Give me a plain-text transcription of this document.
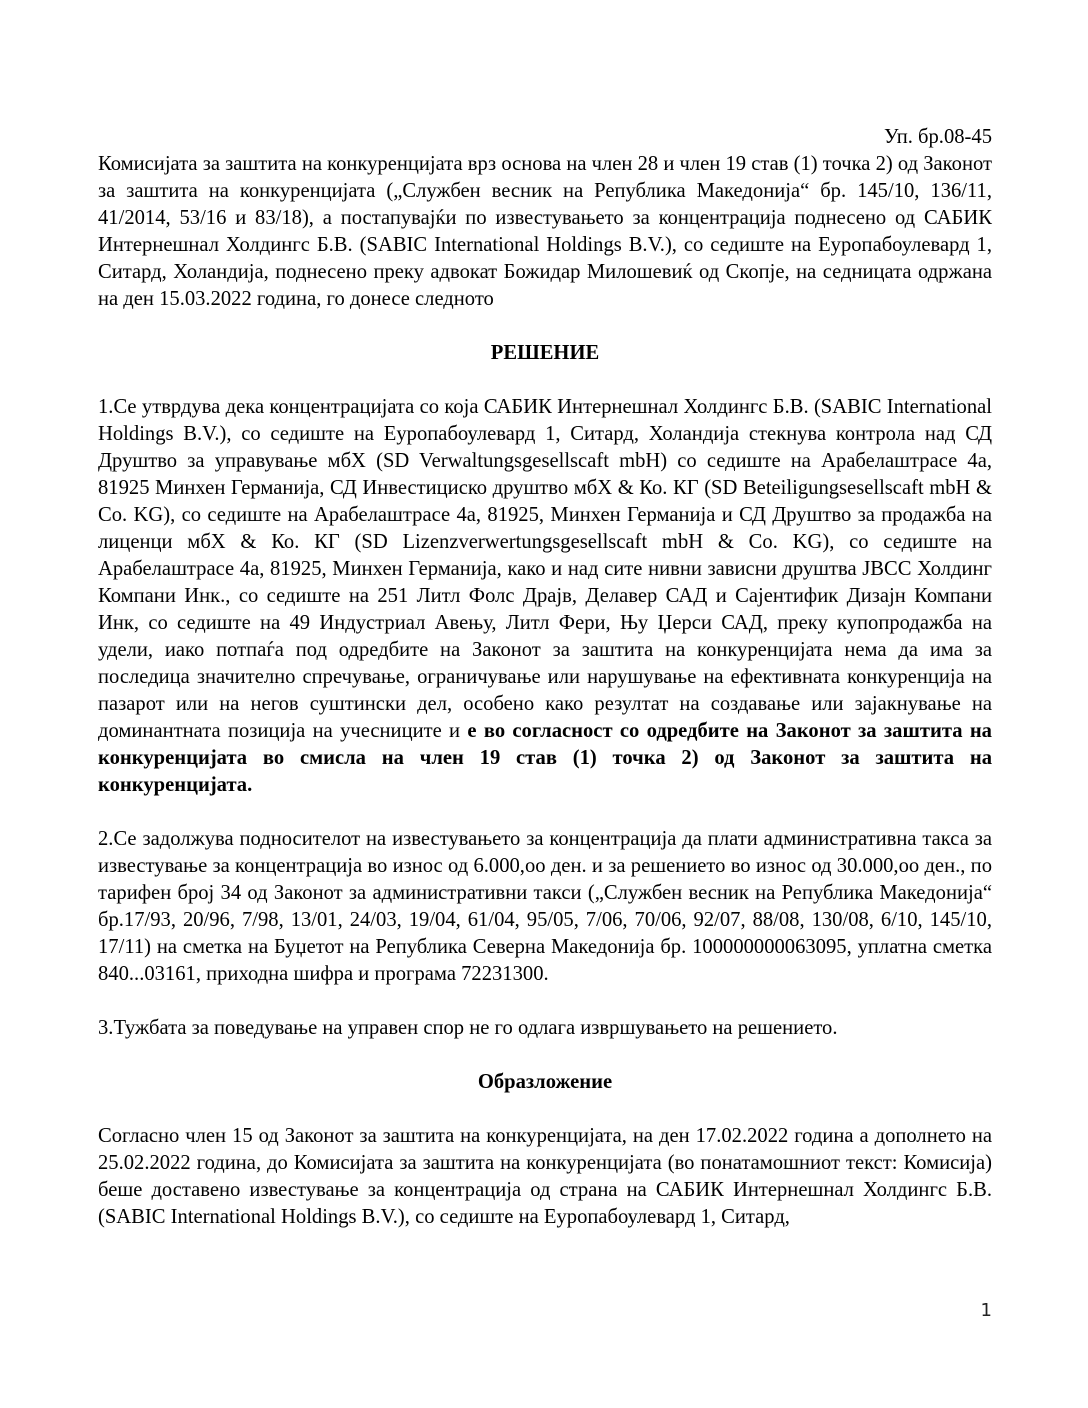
Уп. бр.08-45

Комисијата за заштита на конкуренцијата врз основа на член 28 и член 19 став (1) точка 2) од Законот за заштита на конкуренцијата („Службен весник на Република Македонија“ бр. 145/10, 136/11, 41/2014, 53/16 и 83/18), а постапувајќи по известувањето за концентрација поднесено од САБИК Интернешнал Холдингс Б.В. (SABIC International Holdings B.V.), со седиште на Еуропабоулевард 1, Ситард, Холандија, поднесено преку адвокат Божидар Милошевиќ од Скопје, на седницата одржана на ден 15.03.2022 година, го донесе следното

РЕШЕНИЕ

1.Се утврдува дека концентрацијата со која САБИК Интернешнал Холдингс Б.В. (SABIC International Holdings B.V.), со седиште на Еуропабоулевард 1, Ситард, Холандија стекнува контрола над СД Друштво за управување мбХ (SD Verwaltungsgesellscaft mbH) со седиште на Арабелаштрасе 4а, 81925 Минхен Германија, СД Инвестициско друштво мбХ & Ко. КГ (SD Beteiligungsesellscaft mbH & Co. KG), со седиште на Арабелаштрасе 4а, 81925, Минхен Германија и СД Друштво за продажба на лиценци мбХ & Ко. КГ (SD Lizenzverwertungsgesellscaft mbH & Co. KG), со седиште на Арабелаштрасе 4а, 81925, Минхен Германија, како и над сите нивни зависни друштва ЈВСС Холдинг Компани Инк., со седиште на 251 Литл Фолс Драјв, Делавер САД и Сајентифик Дизајн Компани Инк, со седиште на 49 Индустриал Авењу, Литл Фери, Њу Џерси САД, преку купопродажба на удели, иако потпаѓа под одредбите на Законот за заштита на конкуренцијата нема да има за последица значително спречување, ограничување или нарушување на ефективната конкуренција на пазарот или на негов суштински дел, особено како резултат на создавање или зајакнување на доминантната позиција на учесниците и е во согласност со одредбите на Законот за заштита на конкуренцијата во смисла на член 19 став (1) точка 2) од Законот за заштита на конкуренцијата.

2.Се задолжува подносителот на известувањето за концентрација да плати административна такса за известување за концентрација во износ од 6.000,оо ден. и за решението во износ од 30.000,оо ден., по тарифен број 34 од Законот за административни такси („Службен весник на Република Македонија“ бр.17/93, 20/96, 7/98, 13/01, 24/03, 19/04, 61/04, 95/05, 7/06, 70/06, 92/07, 88/08, 130/08, 6/10, 145/10, 17/11) на сметка на Буџетот на Република Северна Македонија бр. 100000000063095, уплатна сметка 840...03161, приходна шифра и програма 72231300.

3.Тужбата за поведување на управен спор не го одлага извршувањето на решението.

Образложение

Согласно член 15 од Законот за заштита на конкуренцијата, на ден 17.02.2022 година а дополнето на 25.02.2022 година, до Комисијата за заштита на конкуренцијата (во понатамошниот текст: Комисија) беше доставено известување за концентрација од страна на САБИК Интернешнал Холдингс Б.В. (SABIC International Holdings B.V.), со седиште на Еуропабоулевард 1, Ситард,

1
